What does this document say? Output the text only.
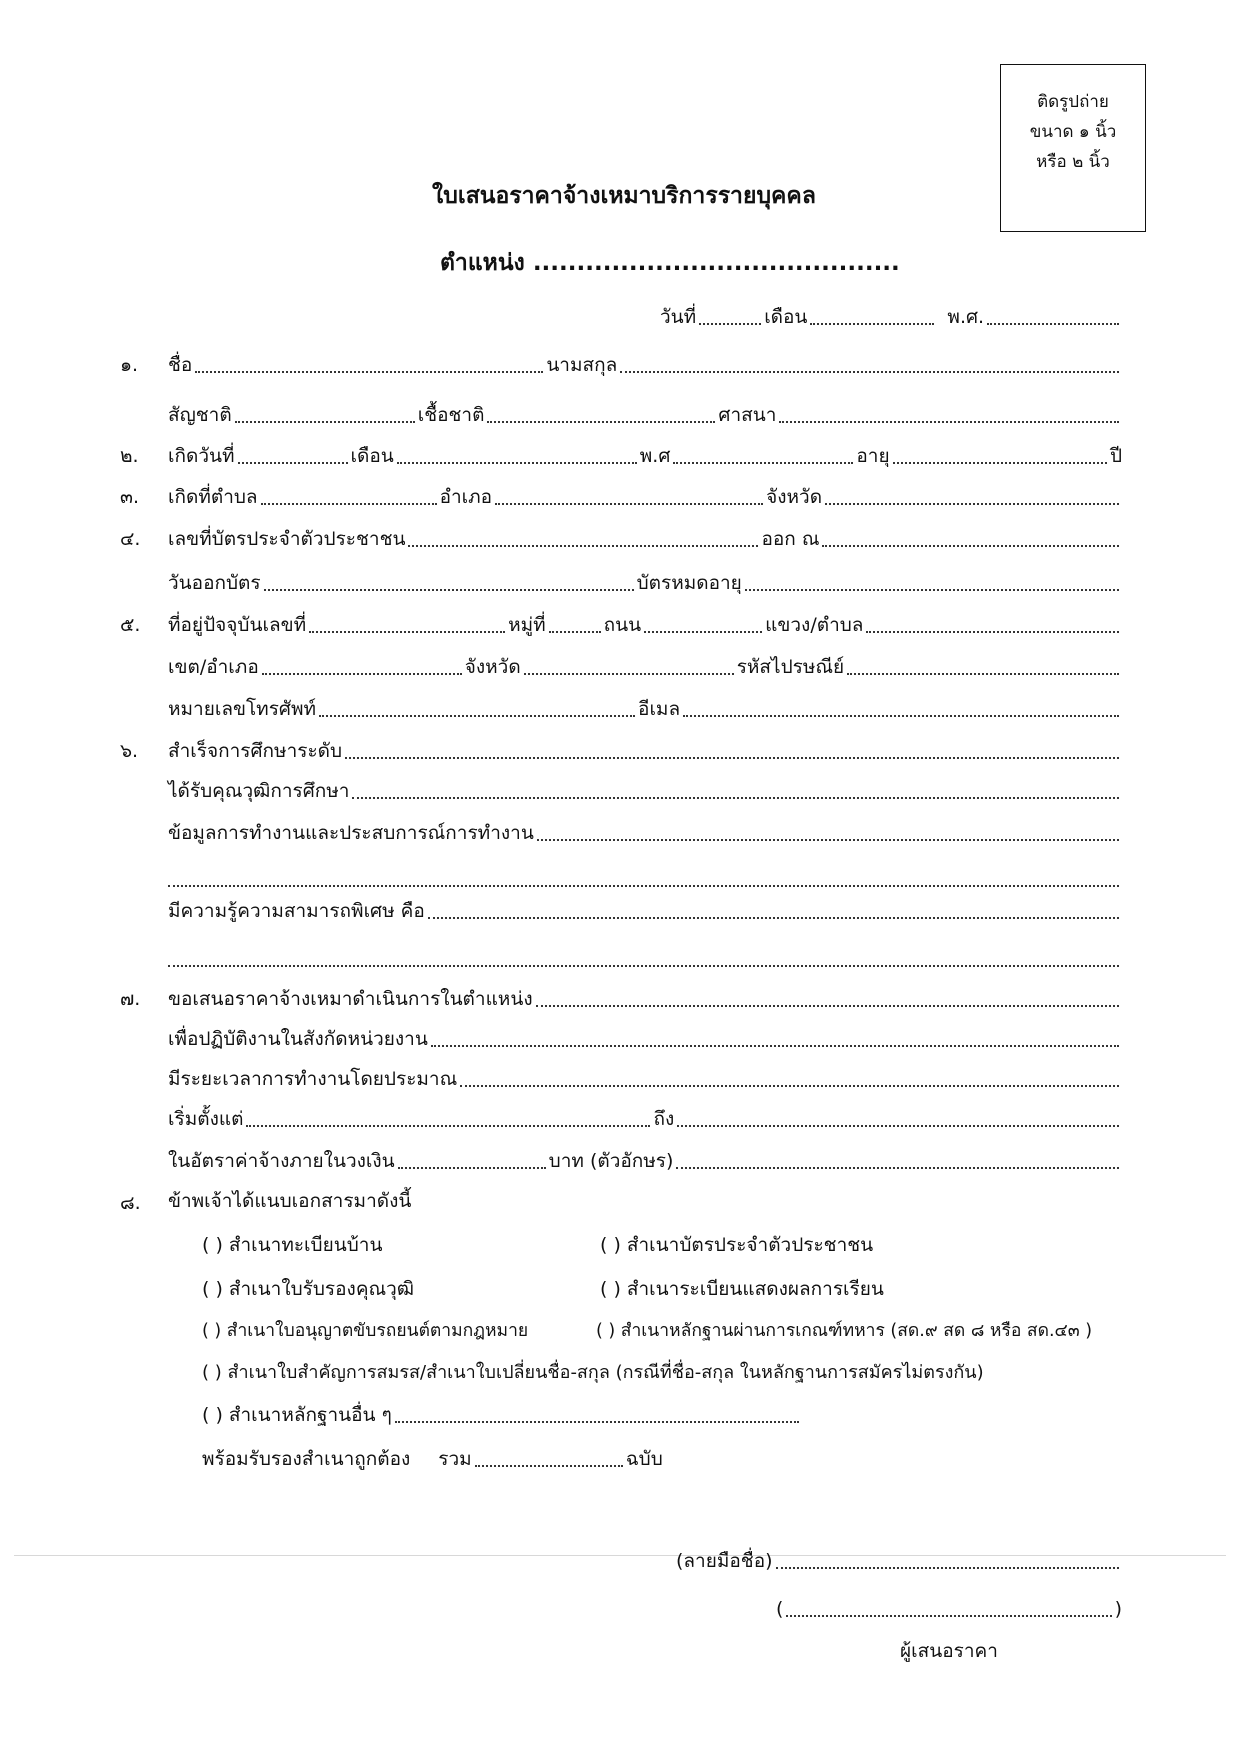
ติดรูปถ่าย
ขนาด ๑ นิ้ว
หรือ ๒ นิ้ว
ใบเสนอราคาจ้างเหมาบริการรายบุคคล
ตำแหน่ง ..........................................
วันที่	เดือน	พ.ศ.
๑. ชื่อ	นามสกุล
สัญชาติ	เชื้อชาติ	ศาสนา
๒. เกิดวันที่	เดือน	พ.ศ	อายุ	ปี
๓. เกิดที่ตำบล	อำเภอ	จังหวัด
๔. เลขที่บัตรประจำตัวประชาชน	ออก ณ
วันออกบัตร	บัตรหมดอายุ
๕. ที่อยู่ปัจจุบันเลขที่	หมู่ที่	ถนน	แขวง/ตำบล
เขต/อำเภอ	จังหวัด	รหัสไปรษณีย์
หมายเลขโทรศัพท์	อีเมล
๖. สำเร็จการศึกษาระดับ
ได้รับคุณวุฒิการศึกษา
ข้อมูลการทำงานและประสบการณ์การทำงาน
มีความรู้ความสามารถพิเศษ คือ
๗. ขอเสนอราคาจ้างเหมาดำเนินการในตำแหน่ง
เพื่อปฏิบัติงานในสังกัดหน่วยงาน
มีระยะเวลาการทำงานโดยประมาณ
เริ่มตั้งแต่	ถึง
ในอัตราค่าจ้างภายในวงเงิน	บาท (ตัวอักษร)
๘. ข้าพเจ้าได้แนบเอกสารมาดังนี้
( ) สำเนาทะเบียนบ้าน	( ) สำเนาบัตรประจำตัวประชาชน
( ) สำเนาใบรับรองคุณวุฒิ	( ) สำเนาระเบียนแสดงผลการเรียน
( ) สำเนาใบอนุญาตขับรถยนต์ตามกฎหมาย	( ) สำเนาหลักฐานผ่านการเกณฑ์ทหาร (สด.๙ สด ๘ หรือ สด.๔๓ )
( ) สำเนาใบสำคัญการสมรส/สำเนาใบเปลี่ยนชื่อ-สกุล (กรณีที่ชื่อ-สกุล ในหลักฐานการสมัครไม่ตรงกัน)
( ) สำเนาหลักฐานอื่น ๆ
พร้อมรับรองสำเนาถูกต้อง รวม	ฉบับ
(ลายมือชื่อ)
(	)
ผู้เสนอราคา
